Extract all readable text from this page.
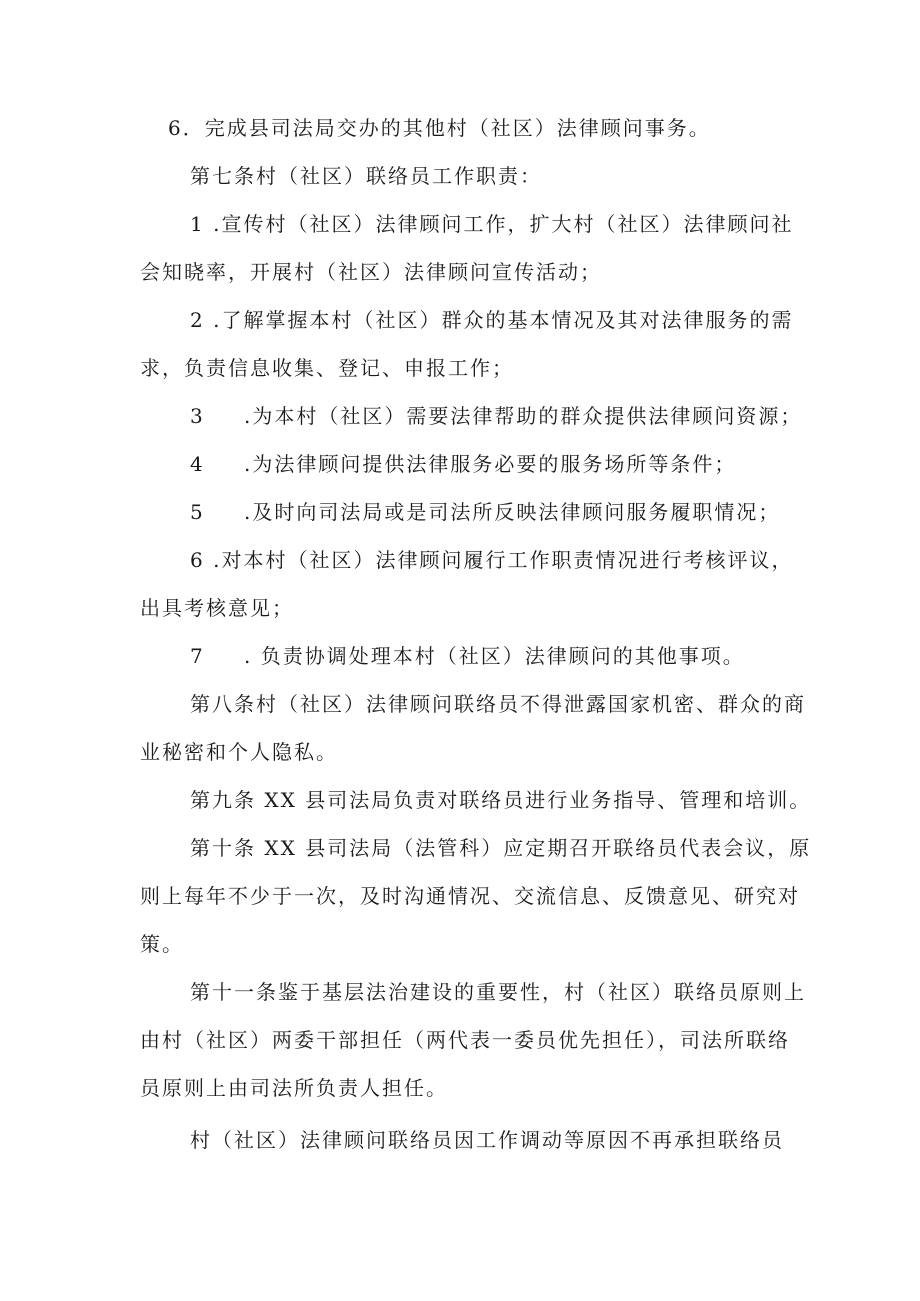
6．完成县司法局交办的其他村（社区）法律顾问事务。
第七条村（社区）联络员工作职责：
1 .宣传村（社区）法律顾问工作，扩大村（社区）法律顾问社
会知晓率，开展村（社区）法律顾问宣传活动；
2 .了解掌握本村（社区）群众的基本情况及其对法律服务的需
求，负责信息收集、登记、申报工作；
3 .为本村（社区）需要法律帮助的群众提供法律顾问资源；
4 .为法律顾问提供法律服务必要的服务场所等条件；
5 .及时向司法局或是司法所反映法律顾问服务履职情况；
6 .对本村（社区）法律顾问履行工作职责情况进行考核评议，
出具考核意见；
7 . 负责协调处理本村（社区）法律顾问的其他事项。
第八条村（社区）法律顾问联络员不得泄露国家机密、群众的商
业秘密和个人隐私。
第九条 XX 县司法局负责对联络员进行业务指导、管理和培训。
第十条 XX 县司法局（法管科）应定期召开联络员代表会议，原
则上每年不少于一次，及时沟通情况、交流信息、反馈意见、研究对
策。
第十一条鉴于基层法治建设的重要性，村（社区）联络员原则上
由村（社区）两委干部担任（两代表一委员优先担任），司法所联络
员原则上由司法所负责人担任。
村（社区）法律顾问联络员因工作调动等原因不再承担联络员
